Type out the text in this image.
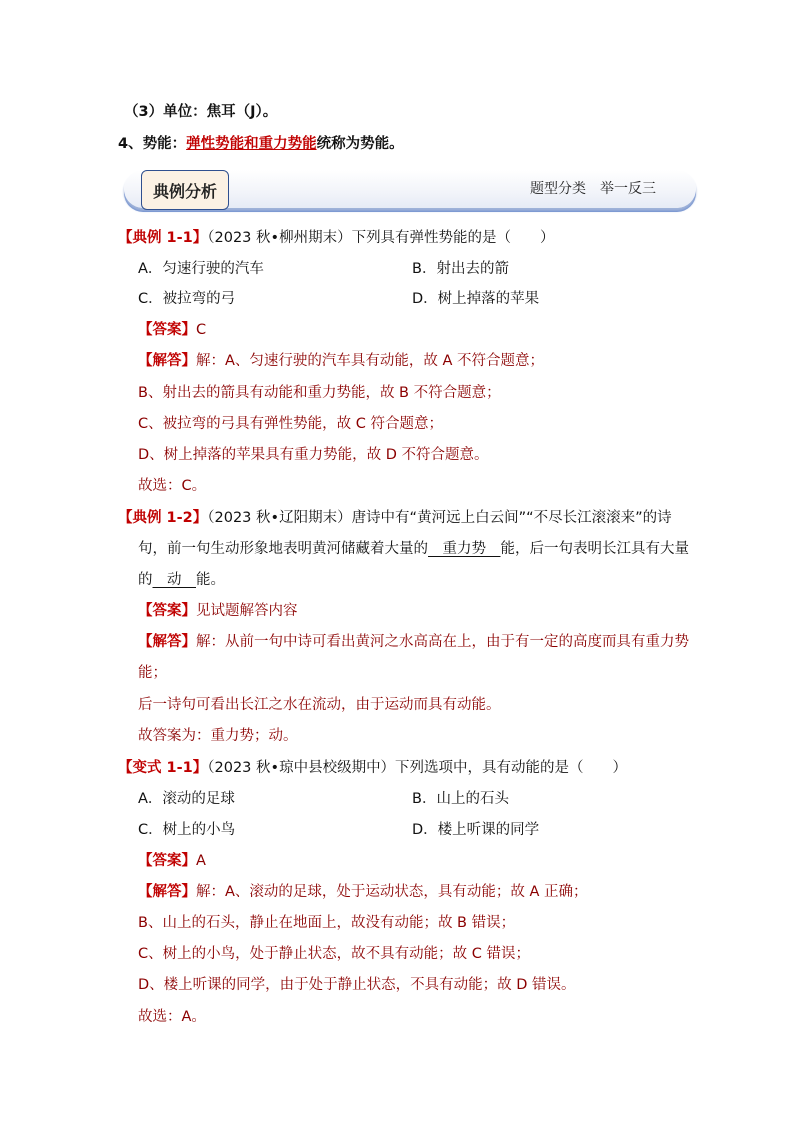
（3）单位：焦耳（J）。
4、势能：弹性势能和重力势能统称为势能。
典例分析	题型分类　举一反三
【典例 1-1】（2023 秋•柳州期末）下列具有弹性势能的是（　　）
A．匀速行驶的汽车	B．射出去的箭
C．被拉弯的弓	D．树上掉落的苹果
【答案】C
【解答】解：A、匀速行驶的汽车具有动能，故 A 不符合题意；
B、射出去的箭具有动能和重力势能，故 B 不符合题意；
C、被拉弯的弓具有弹性势能，故 C 符合题意；
D、树上掉落的苹果具有重力势能，故 D 不符合题意。
故选：C。
【典例 1-2】（2023 秋•辽阳期末）唐诗中有“黄河远上白云间”“不尽长江滚滚来”的诗
句，前一句生动形象地表明黄河储藏着大量的　重力势　能，后一句表明长江具有大量
的　动　能。
【答案】见试题解答内容
【解答】解：从前一句中诗可看出黄河之水高高在上，由于有一定的高度而具有重力势
能；
后一诗句可看出长江之水在流动，由于运动而具有动能。
故答案为：重力势；动。
【变式 1-1】（2023 秋•琼中县校级期中）下列选项中，具有动能的是（　　）
A．滚动的足球	B．山上的石头
C．树上的小鸟	D．楼上听课的同学
【答案】A
【解答】解：A、滚动的足球，处于运动状态，具有动能；故 A 正确；
B、山上的石头，静止在地面上，故没有动能；故 B 错误；
C、树上的小鸟，处于静止状态，故不具有动能；故 C 错误；
D、楼上听课的同学，由于处于静止状态，不具有动能；故 D 错误。
故选：A。
